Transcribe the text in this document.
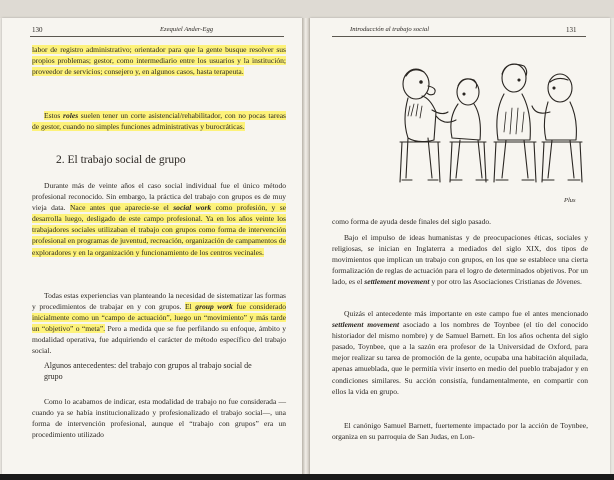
130	Ezequiel Ander-Egg

labor de registro administrativo; orientador para que la gente busque resolver sus propios problemas; gestor, como intermediario entre los usuarios y la institución; proveedor de servicios; consejero y, en algunos casos, hasta terapeuta.

Estos roles suelen tener un corte asistencial/rehabilitador, con no pocas tareas de gestor, cuando no simples funciones administrativas y burocráticas.

2. El trabajo social de grupo

Durante más de veinte años el caso social individual fue el único método profesional reconocido. Sin embargo, la práctica del trabajo con grupos es de muy vieja data. Nace antes que aparecie-se el social work como profesión, y se desarrolla luego, desligado de este campo profesional. Ya en los años veinte los trabajadores sociales utilizaban el trabajo con grupos como forma de intervención profesional en programas de juventud, recreación, organización de campamentos de exploradores y en la organización y funcionamiento de los centros vecinales.

Todas estas experiencias van planteando la necesidad de sistematizar las formas y procedimientos de trabajar en y con grupos. El group work fue considerado inicialmente como un “campo de actuación”, luego un “movimiento” y más tarde un “objetivo” o “meta”. Pero a medida que se fue perfilando su enfoque, ámbito y modalidad operativa, fue adquiriendo el carácter de método específico del trabajo social.

Algunos antecedentes: del trabajo con grupos al trabajo social de grupo

Como lo acabamos de indicar, esta modalidad de trabajo no fue considerada —cuando ya se había institucionalizado y profesionalizado el trabajo social—, una forma de intervención profesional, aunque el “trabajo con grupos” era un procedimiento utilizado

Introducción al trabajo social	131
Plus

como forma de ayuda desde finales del siglo pasado.

Bajo el impulso de ideas humanistas y de preocupaciones éticas, sociales y religiosas, se inician en Inglaterra a mediados del siglo XIX, dos tipos de movimientos que implican un trabajo con grupos, en los que se establece una cierta formalización de reglas de actuación para el logro de determinados objetivos. Por un lado, es el settlement movement y por otro las Asociaciones Cristianas de Jóvenes.

Quizás el antecedente más importante en este campo fue el antes mencionado settlement movement asociado a los nombres de Toynbee (el tío del conocido historiador del mismo nombre) y de Samuel Barnett. En los años ochenta del siglo pasado, Toynbee, que a la sazón era profesor de la Universidad de Oxford, para mejor realizar su tarea de promoción de la gente, ocupaba una habitación alquilada, apenas amueblada, que le permitía vivir inserto en medio del pueblo trabajador y en condiciones similares. Su acción consistía, fundamentalmente, en compartir con ellos la vida en grupo.

El canónigo Samuel Barnett, fuertemente impactado por la acción de Toynbee, organiza en su parroquia de San Judas, en Lon-
